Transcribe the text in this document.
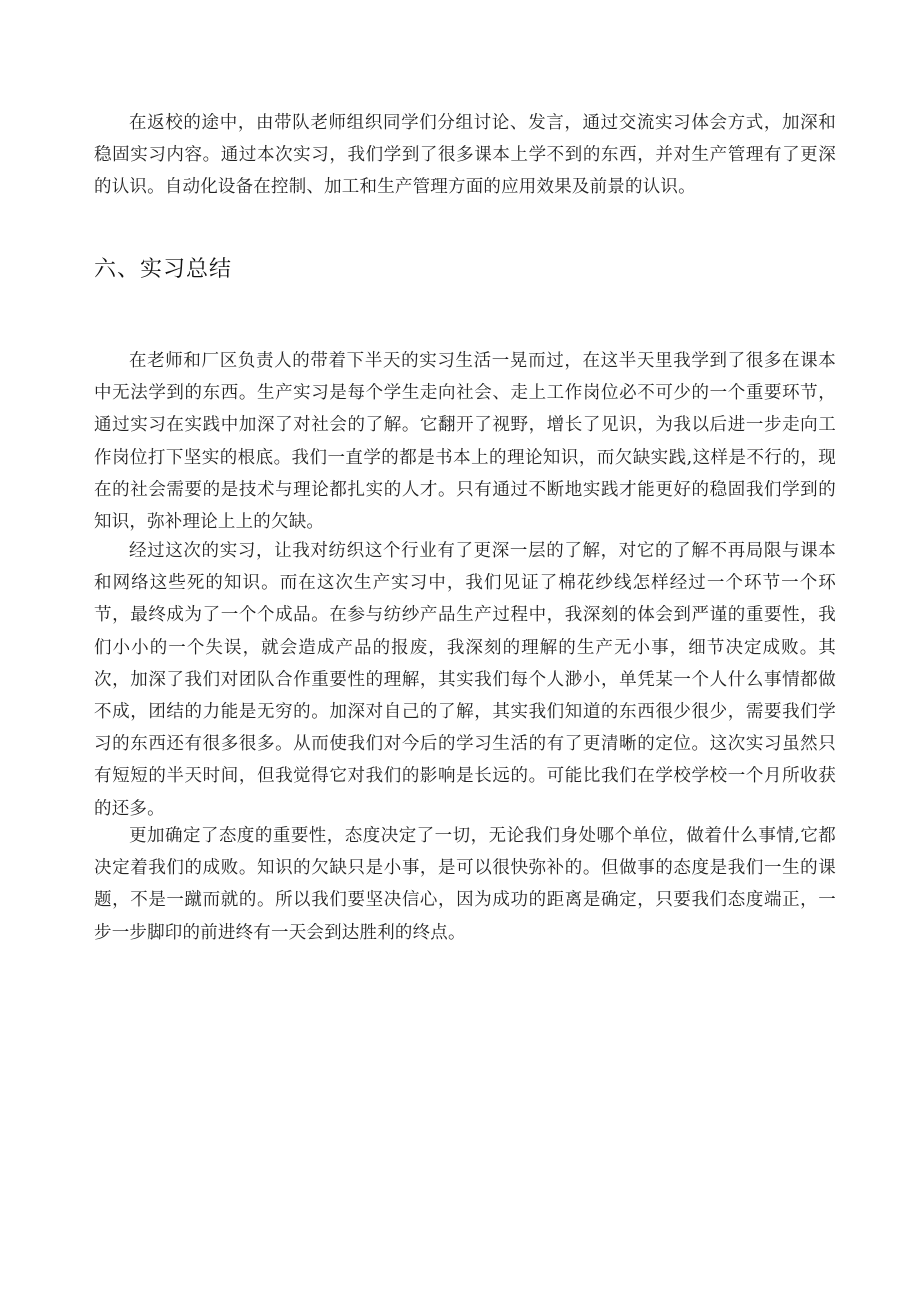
在返校的途中，由带队老师组织同学们分组讨论、发言，通过交流实习体会方式，加深和稳固实习内容。通过本次实习，我们学到了很多课本上学不到的东西，并对生产管理有了更深的认识。自动化设备在控制、加工和生产管理方面的应用效果及前景的认识。

六、实习总结

在老师和厂区负责人的带着下半天的实习生活一晃而过，在这半天里我学到了很多在课本中无法学到的东西。生产实习是每个学生走向社会、走上工作岗位必不可少的一个重要环节，通过实习在实践中加深了对社会的了解。它翻开了视野，增长了见识，为我以后进一步走向工作岗位打下坚实的根底。我们一直学的都是书本上的理论知识，而欠缺实践,这样是不行的，现在的社会需要的是技术与理论都扎实的人才。只有通过不断地实践才能更好的稳固我们学到的知识，弥补理论上上的欠缺。

经过这次的实习，让我对纺织这个行业有了更深一层的了解，对它的了解不再局限与课本和网络这些死的知识。而在这次生产实习中，我们见证了棉花纱线怎样经过一个环节一个环节，最终成为了一个个成品。在参与纺纱产品生产过程中，我深刻的体会到严谨的重要性，我们小小的一个失误，就会造成产品的报废，我深刻的理解的生产无小事，细节决定成败。其次，加深了我们对团队合作重要性的理解，其实我们每个人渺小，单凭某一个人什么事情都做不成，团结的力能是无穷的。加深对自己的了解，其实我们知道的东西很少很少，需要我们学习的东西还有很多很多。从而使我们对今后的学习生活的有了更清晰的定位。这次实习虽然只有短短的半天时间，但我觉得它对我们的影响是长远的。可能比我们在学校学校一个月所收获的还多。

更加确定了态度的重要性，态度决定了一切，无论我们身处哪个单位，做着什么事情,它都决定着我们的成败。知识的欠缺只是小事，是可以很快弥补的。但做事的态度是我们一生的课题，不是一蹴而就的。所以我们要坚决信心，因为成功的距离是确定，只要我们态度端正，一步一步脚印的前进终有一天会到达胜利的终点。
